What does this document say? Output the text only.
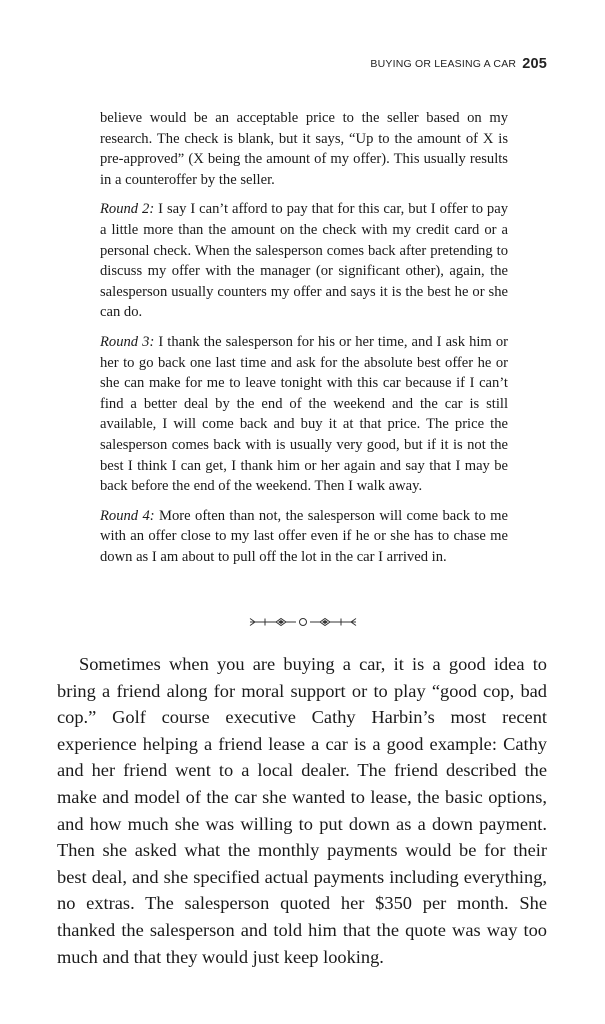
BUYING OR LEASING A CAR 205

believe would be an acceptable price to the seller based on my research. The check is blank, but it says, “Up to the amount of X is pre-approved” (X being the amount of my offer). This usually results in a counteroffer by the seller.

Round 2: I say I can’t afford to pay that for this car, but I offer to pay a little more than the amount on the check with my credit card or a personal check. When the salesperson comes back after pretending to discuss my offer with the manager (or significant other), again, the salesperson usually counters my offer and says it is the best he or she can do.

Round 3: I thank the salesperson for his or her time, and I ask him or her to go back one last time and ask for the absolute best offer he or she can make for me to leave tonight with this car because if I can’t find a better deal by the end of the weekend and the car is still available, I will come back and buy it at that price. The price the salesperson comes back with is usually very good, but if it is not the best I think I can get, I thank him or her again and say that I may be back before the end of the weekend. Then I walk away.

Round 4: More often than not, the salesperson will come back to me with an offer close to my last offer even if he or she has to chase me down as I am about to pull off the lot in the car I arrived in.

Sometimes when you are buying a car, it is a good idea to bring a friend along for moral support or to play “good cop, bad cop.” Golf course executive Cathy Harbin’s most recent experience helping a friend lease a car is a good example: Cathy and her friend went to a local dealer. The friend described the make and model of the car she wanted to lease, the basic options, and how much she was willing to put down as a down payment. Then she asked what the monthly payments would be for their best deal, and she specified actual payments including everything, no extras. The salesperson quoted her $350 per month. She thanked the salesperson and told him that the quote was way too much and that they would just keep looking.
